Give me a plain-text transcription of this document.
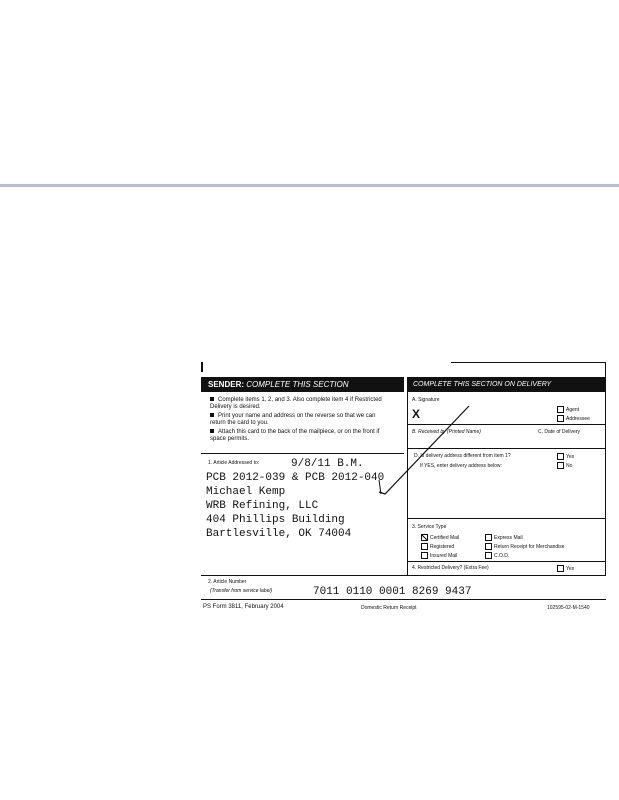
SENDER: COMPLETE THIS SECTION
Complete items 1, 2, and 3. Also complete item 4 if Restricted Delivery is desired.
Print your name and address on the reverse so that we can return the card to you.
Attach this card to the back of the mailpiece, or on the front if space permits.
1. Article Addressed to:	9/8/11 B.M.
PCB 2012-039 & PCB 2012-040
Michael Kemp
WRB Refining, LLC
404 Phillips Building
Bartlesville, OK 74004
COMPLETE THIS SECTION ON DELIVERY
A. Signature
X	Agent
Addressee
B. Received by (Printed Name)	C. Date of Delivery
D. Is delivery address different from item 1?	Yes
If YES, enter delivery address below:	No
3. Service Type
Certified Mail	Express Mail
Registered	Return Receipt for Merchandise
Insured Mail	C.O.D.
4. Restricted Delivery? (Extra Fee)	Yes
2. Article Number
(Transfer from service label)	7011 0110 0001 8269 9437
PS Form 3811, February 2004	Domestic Return Receipt	102595-02-M-1540
